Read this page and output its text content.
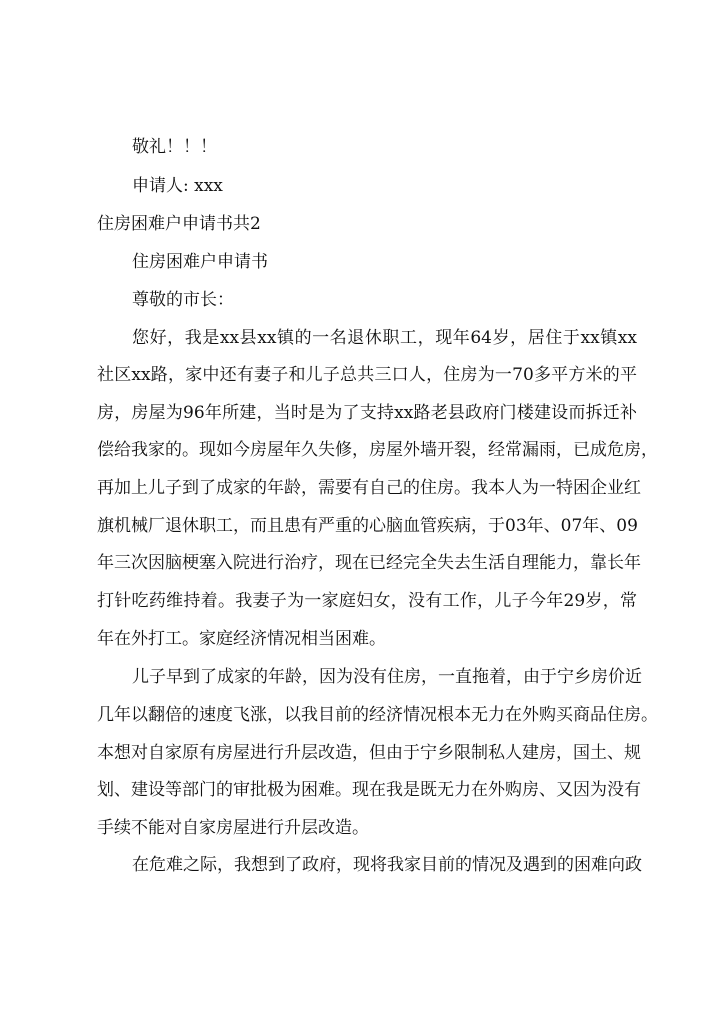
敬礼！！！
申请人: xxx
住房困难户申请书共2
住房困难户申请书
尊敬的市长：
您好，我是xx县xx镇的一名退休职工，现年64岁，居住于xx镇xx
社区xx路，家中还有妻子和儿子总共三口人，住房为一70多平方米的平
房，房屋为96年所建，当时是为了支持xx路老县政府门楼建设而拆迁补
偿给我家的。现如今房屋年久失修，房屋外墙开裂，经常漏雨，已成危房，
再加上儿子到了成家的年龄，需要有自己的住房。我本人为一特困企业红
旗机械厂退休职工，而且患有严重的心脑血管疾病，于03年、07年、09
年三次因脑梗塞入院进行治疗，现在已经完全失去生活自理能力，靠长年
打针吃药维持着。我妻子为一家庭妇女，没有工作，儿子今年29岁，常
年在外打工。家庭经济情况相当困难。
儿子早到了成家的年龄，因为没有住房，一直拖着，由于宁乡房价近
几年以翻倍的速度飞涨，以我目前的经济情况根本无力在外购买商品住房。
本想对自家原有房屋进行升层改造，但由于宁乡限制私人建房，国土、规
划、建设等部门的审批极为困难。现在我是既无力在外购房、又因为没有
手续不能对自家房屋进行升层改造。
在危难之际，我想到了政府，现将我家目前的情况及遇到的困难向政
